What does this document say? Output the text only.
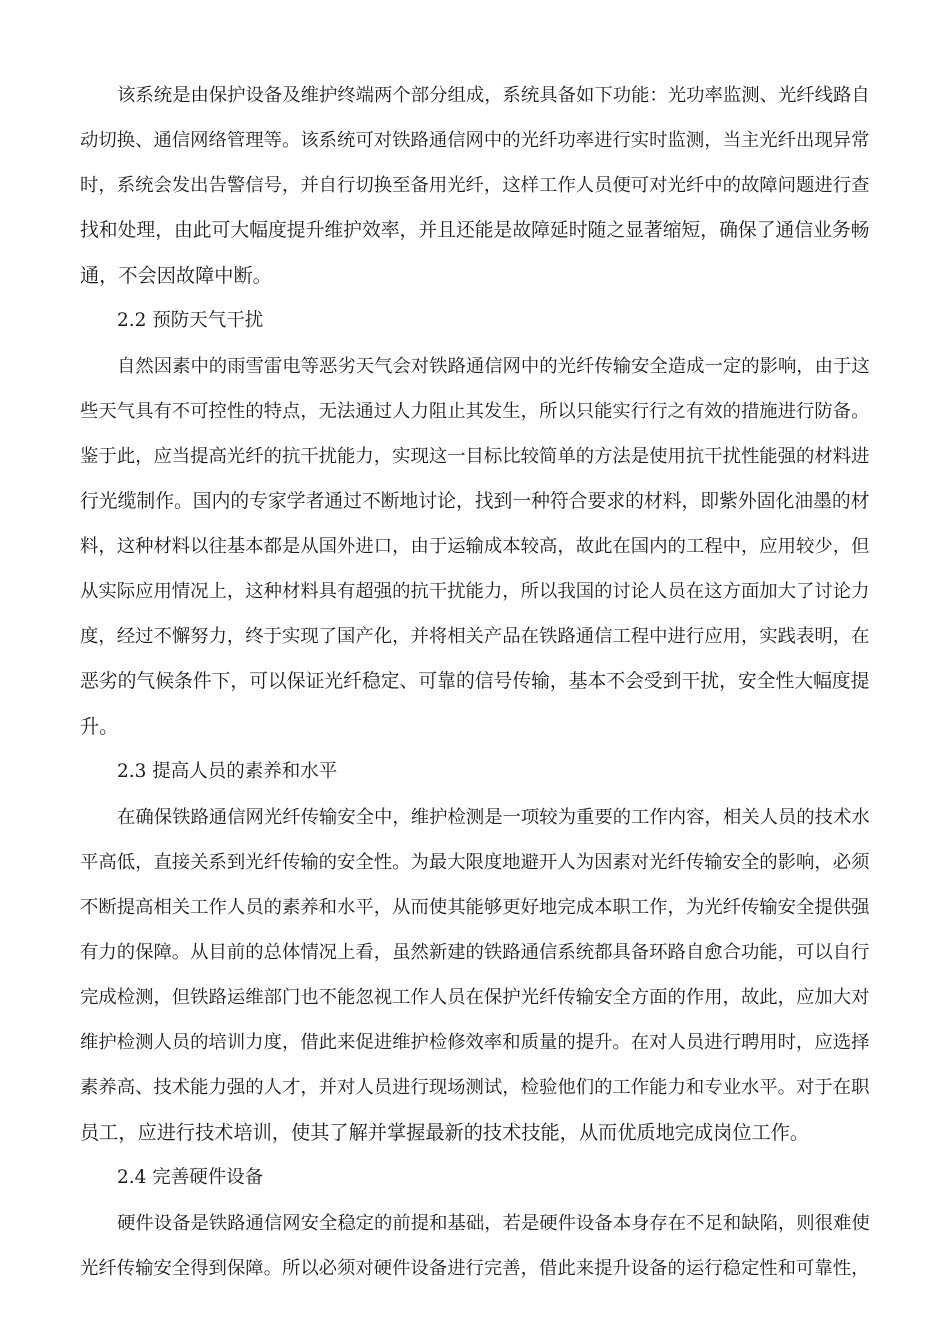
该系统是由保护设备及维护终端两个部分组成，系统具备如下功能：光功率监测、光纤线路自

动切换、通信网络管理等。该系统可对铁路通信网中的光纤功率进行实时监测，当主光纤出现异常

时，系统会发出告警信号，并自行切换至备用光纤，这样工作人员便可对光纤中的故障问题进行查

找和处理，由此可大幅度提升维护效率，并且还能是故障延时随之显著缩短，确保了通信业务畅

通，不会因故障中断。

2.2 预防天气干扰

自然因素中的雨雪雷电等恶劣天气会对铁路通信网中的光纤传输安全造成一定的影响，由于这

些天气具有不可控性的特点，无法通过人力阻止其发生，所以只能实行行之有效的措施进行防备。

鉴于此，应当提高光纤的抗干扰能力，实现这一目标比较简单的方法是使用抗干扰性能强的材料进

行光缆制作。国内的专家学者通过不断地讨论，找到一种符合要求的材料，即紫外固化油墨的材

料，这种材料以往基本都是从国外进口，由于运输成本较高，故此在国内的工程中，应用较少，但

从实际应用情况上，这种材料具有超强的抗干扰能力，所以我国的讨论人员在这方面加大了讨论力

度，经过不懈努力，终于实现了国产化，并将相关产品在铁路通信工程中进行应用，实践表明，在

恶劣的气候条件下，可以保证光纤稳定、可靠的信号传输，基本不会受到干扰，安全性大幅度提

升。

2.3 提高人员的素养和水平

在确保铁路通信网光纤传输安全中，维护检测是一项较为重要的工作内容，相关人员的技术水

平高低，直接关系到光纤传输的安全性。为最大限度地避开人为因素对光纤传输安全的影响，必须

不断提高相关工作人员的素养和水平，从而使其能够更好地完成本职工作，为光纤传输安全提供强

有力的保障。从目前的总体情况上看，虽然新建的铁路通信系统都具备环路自愈合功能，可以自行

完成检测，但铁路运维部门也不能忽视工作人员在保护光纤传输安全方面的作用，故此，应加大对

维护检测人员的培训力度，借此来促进维护检修效率和质量的提升。在对人员进行聘用时，应选择

素养高、技术能力强的人才，并对人员进行现场测试，检验他们的工作能力和专业水平。对于在职

员工，应进行技术培训，使其了解并掌握最新的技术技能，从而优质地完成岗位工作。

2.4 完善硬件设备

硬件设备是铁路通信网安全稳定的前提和基础，若是硬件设备本身存在不足和缺陷，则很难使

光纤传输安全得到保障。所以必须对硬件设备进行完善，借此来提升设备的运行稳定性和可靠性，
